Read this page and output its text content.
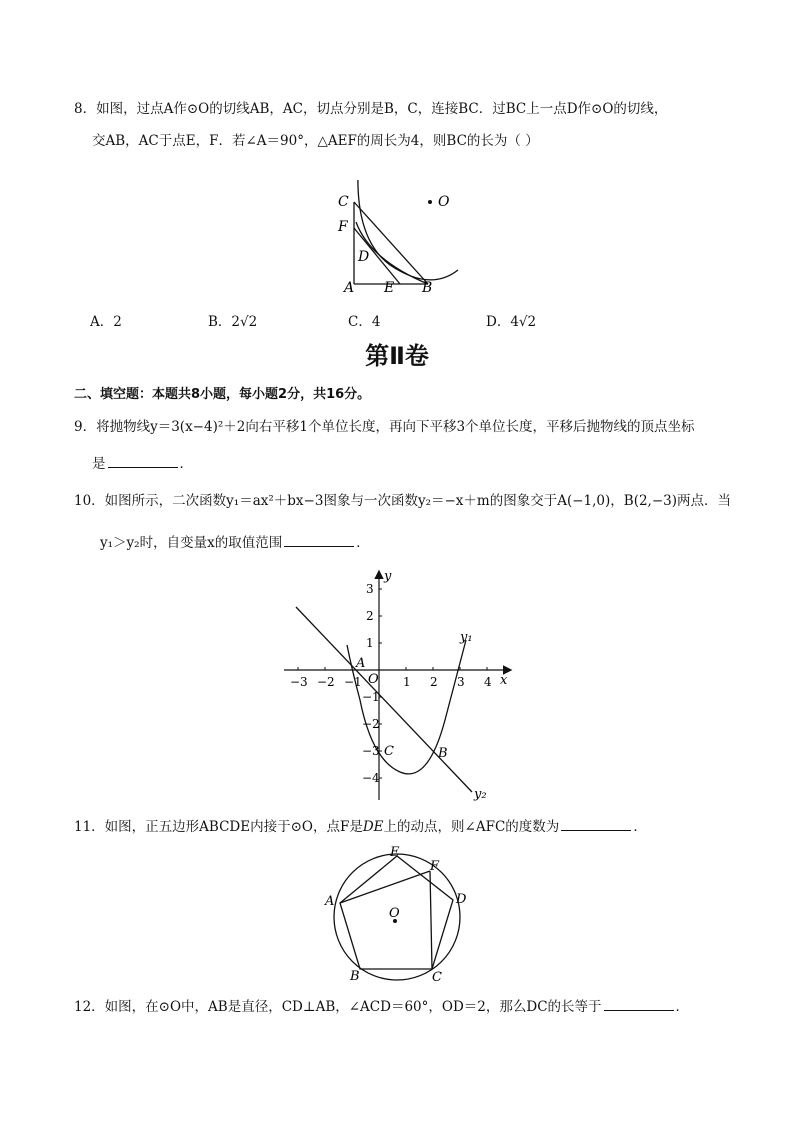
8．如图，过点A作⊙O的切线AB，AC，切点分别是B，C，连接BC．过BC上一点D作⊙O的切线，
交AB，AC于点E，F．若∠A＝90°，△AEF的周长为4，则BC的长为（ ）
C
F
D
A E B
O
A．2	B．2√2	C．4	D．4√2
第Ⅱ卷
二、填空题：本题共8小题，每小题2分，共16分。
9．将抛物线y＝3(x−4)²＋2向右平移1个单位长度，再向下平移3个单位长度，平移后抛物线的顶点坐标
是	．
10．如图所示，二次函数y₁＝ax²＋bx−3图象与一次函数y₂＝−x＋m的图象交于A(−1,0)，B(2,−3)两点．当
y₁＞y₂时，自变量x的取值范围	．
−3 −2 −1	1 2 3 4
3
2
1
−1
−2
−3
−4
x
y
O
A
B
C
y₁
y₂
11．如图，正五边形ABCDE内接于⊙O，点F是DE上的动点，则∠AFC的度数为	．
E
F
A	D
O
B	C
12．如图，在⊙O中，AB是直径，CD⊥AB，∠ACD＝60°，OD＝2，那么DC的长等于	．
